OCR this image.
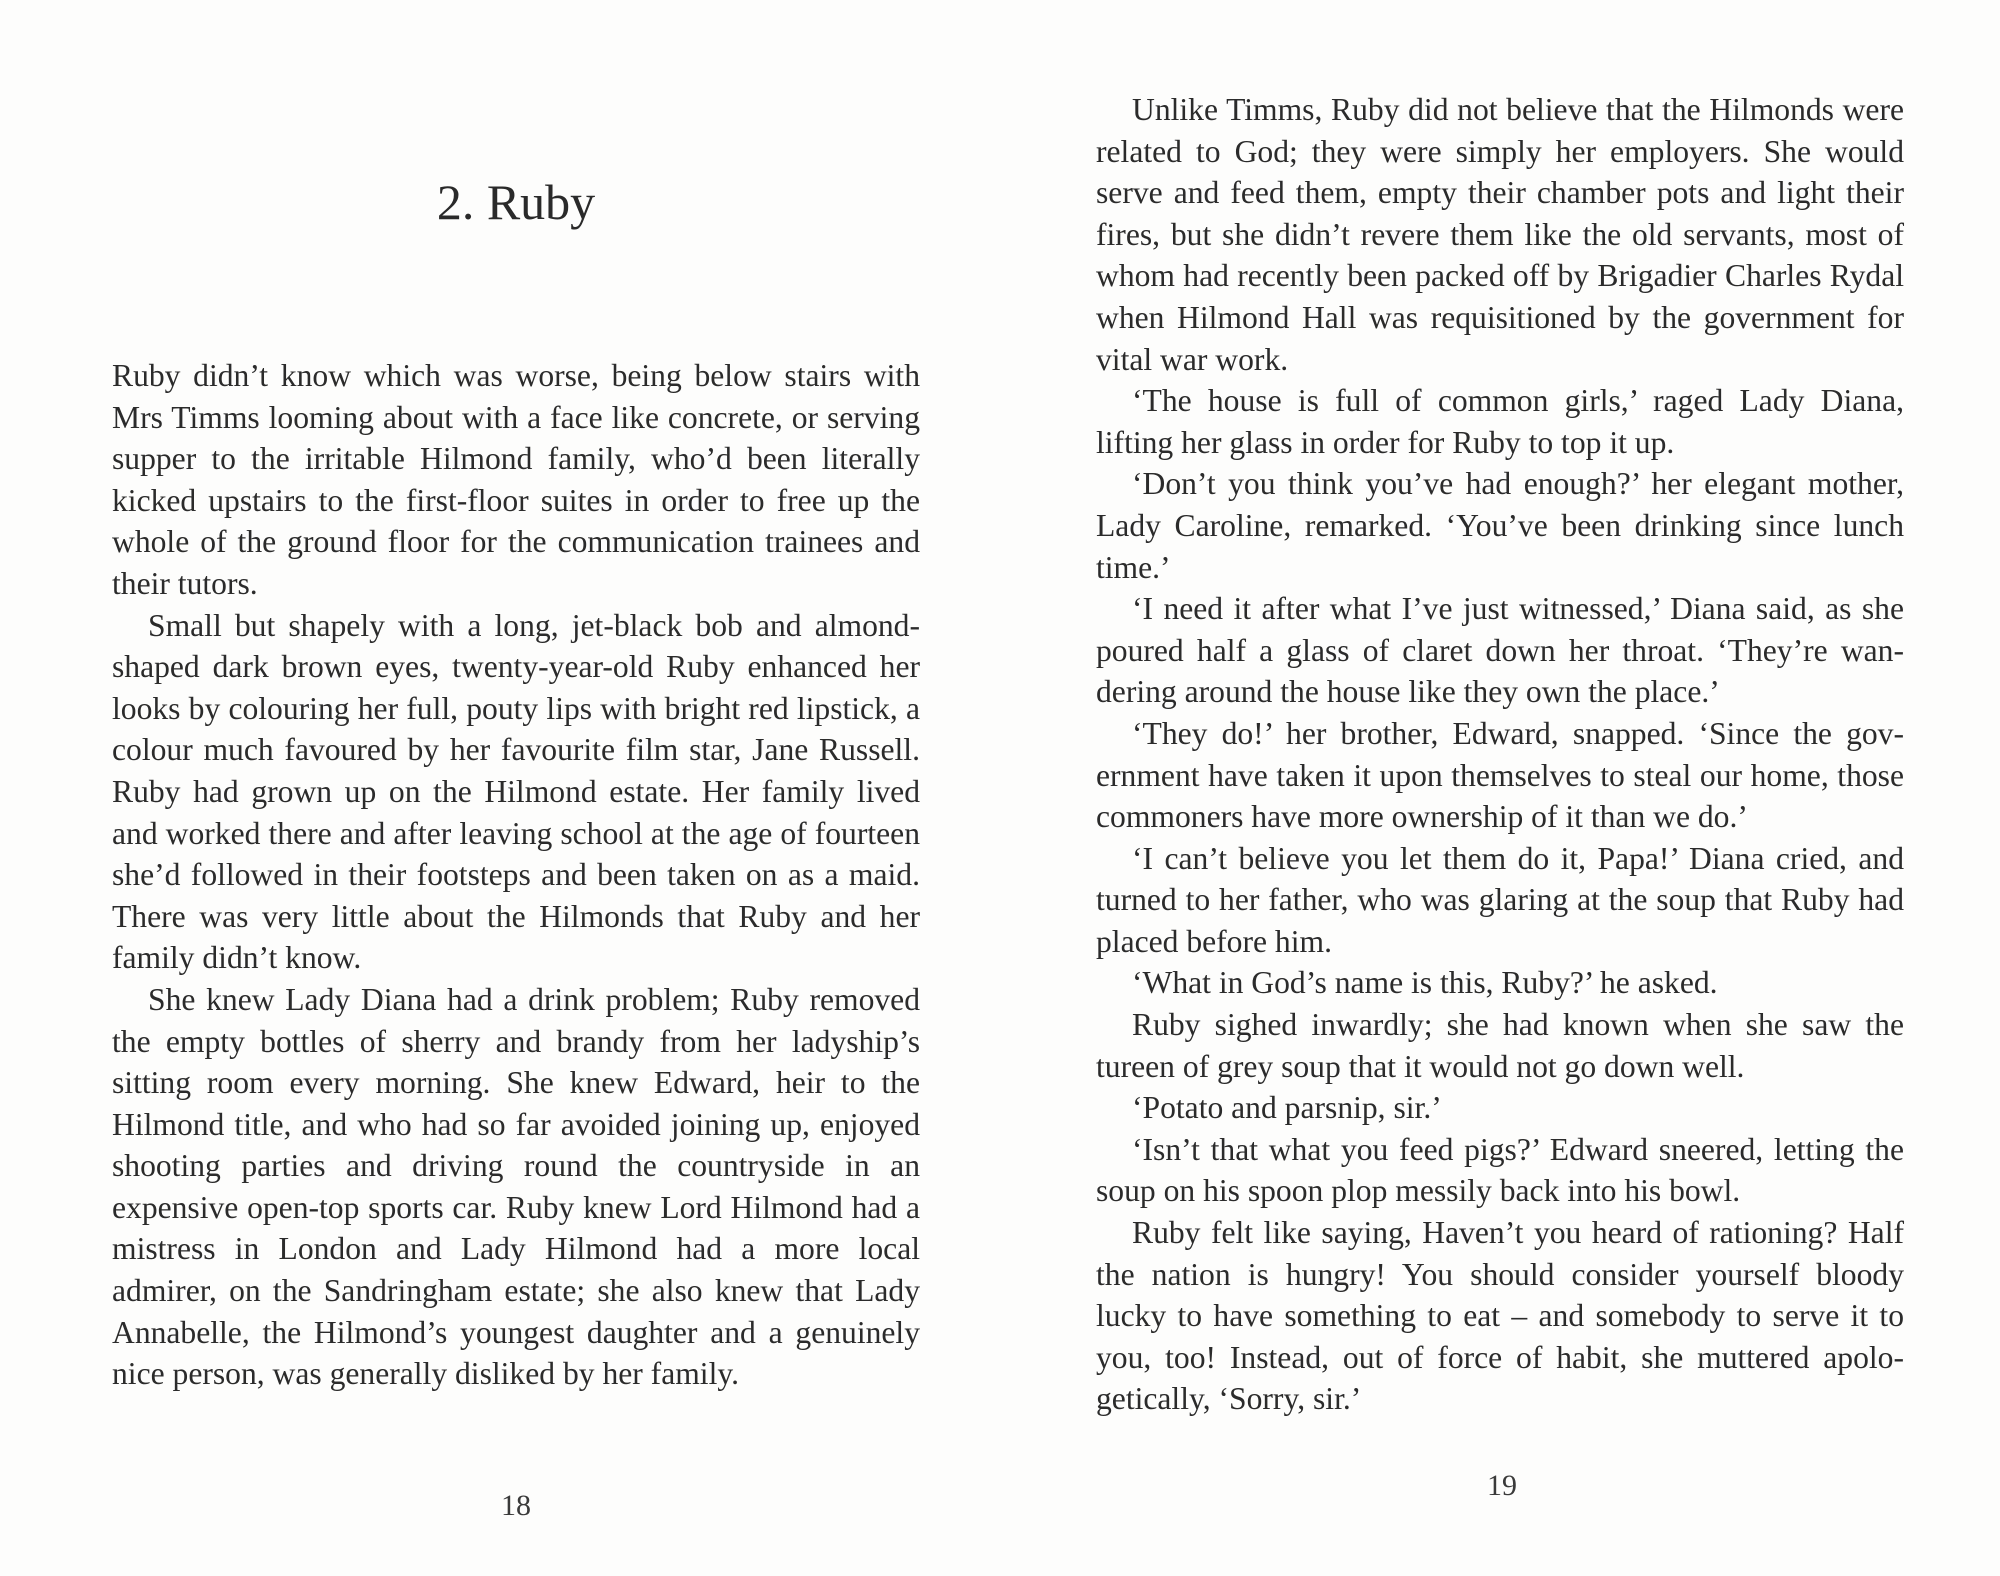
2. Ruby

Ruby didn’t know which was worse, being below stairs with Mrs Timms looming about with a face like concrete, or serving supper to the irritable Hilmond family, who’d been literally kicked upstairs to the first-floor suites in order to free up the whole of the ground floor for the communication trainees and their tutors.

Small but shapely with a long, jet-black bob and almond-shaped dark brown eyes, twenty-year-old Ruby enhanced her looks by colouring her full, pouty lips with bright red lipstick, a colour much favoured by her favourite film star, Jane Russell. Ruby had grown up on the Hilmond estate. Her family lived and worked there and after leaving school at the age of fourteen she’d followed in their footsteps and been taken on as a maid. There was very little about the Hilmonds that Ruby and her family didn’t know.

She knew Lady Diana had a drink problem; Ruby removed the empty bottles of sherry and brandy from her ladyship’s sitting room every morning. She knew Edward, heir to the Hilmond title, and who had so far avoided joining up, enjoyed shooting parties and driving round the countryside in an expensive open-top sports car. Ruby knew Lord Hilmond had a mistress in London and Lady Hilmond had a more local admirer, on the Sandringham estate; she also knew that Lady Annabelle, the Hilmond’s youngest daughter and a genuinely nice person, was generally disliked by her family.

18

Unlike Timms, Ruby did not believe that the Hilmonds were related to God; they were simply her employers. She would serve and feed them, empty their chamber pots and light their fires, but she didn’t revere them like the old servants, most of whom had recently been packed off by Brigadier Charles Rydal when Hilmond Hall was requisitioned by the government for vital war work.

‘The house is full of common girls,’ raged Lady Diana, lifting her glass in order for Ruby to top it up.

‘Don’t you think you’ve had enough?’ her elegant mother, Lady Caroline, remarked. ‘You’ve been drinking since lunch time.’

‘I need it after what I’ve just witnessed,’ Diana said, as she poured half a glass of claret down her throat. ‘They’re wandering around the house like they own the place.’

‘They do!’ her brother, Edward, snapped. ‘Since the government have taken it upon themselves to steal our home, those commoners have more ownership of it than we do.’

‘I can’t believe you let them do it, Papa!’ Diana cried, and turned to her father, who was glaring at the soup that Ruby had placed before him.

‘What in God’s name is this, Ruby?’ he asked.

Ruby sighed inwardly; she had known when she saw the tureen of grey soup that it would not go down well.

‘Potato and parsnip, sir.’

‘Isn’t that what you feed pigs?’ Edward sneered, letting the soup on his spoon plop messily back into his bowl.

Ruby felt like saying, Haven’t you heard of rationing? Half the nation is hungry! You should consider yourself bloody lucky to have something to eat – and somebody to serve it to you, too! Instead, out of force of habit, she muttered apologetically, ‘Sorry, sir.’

19
